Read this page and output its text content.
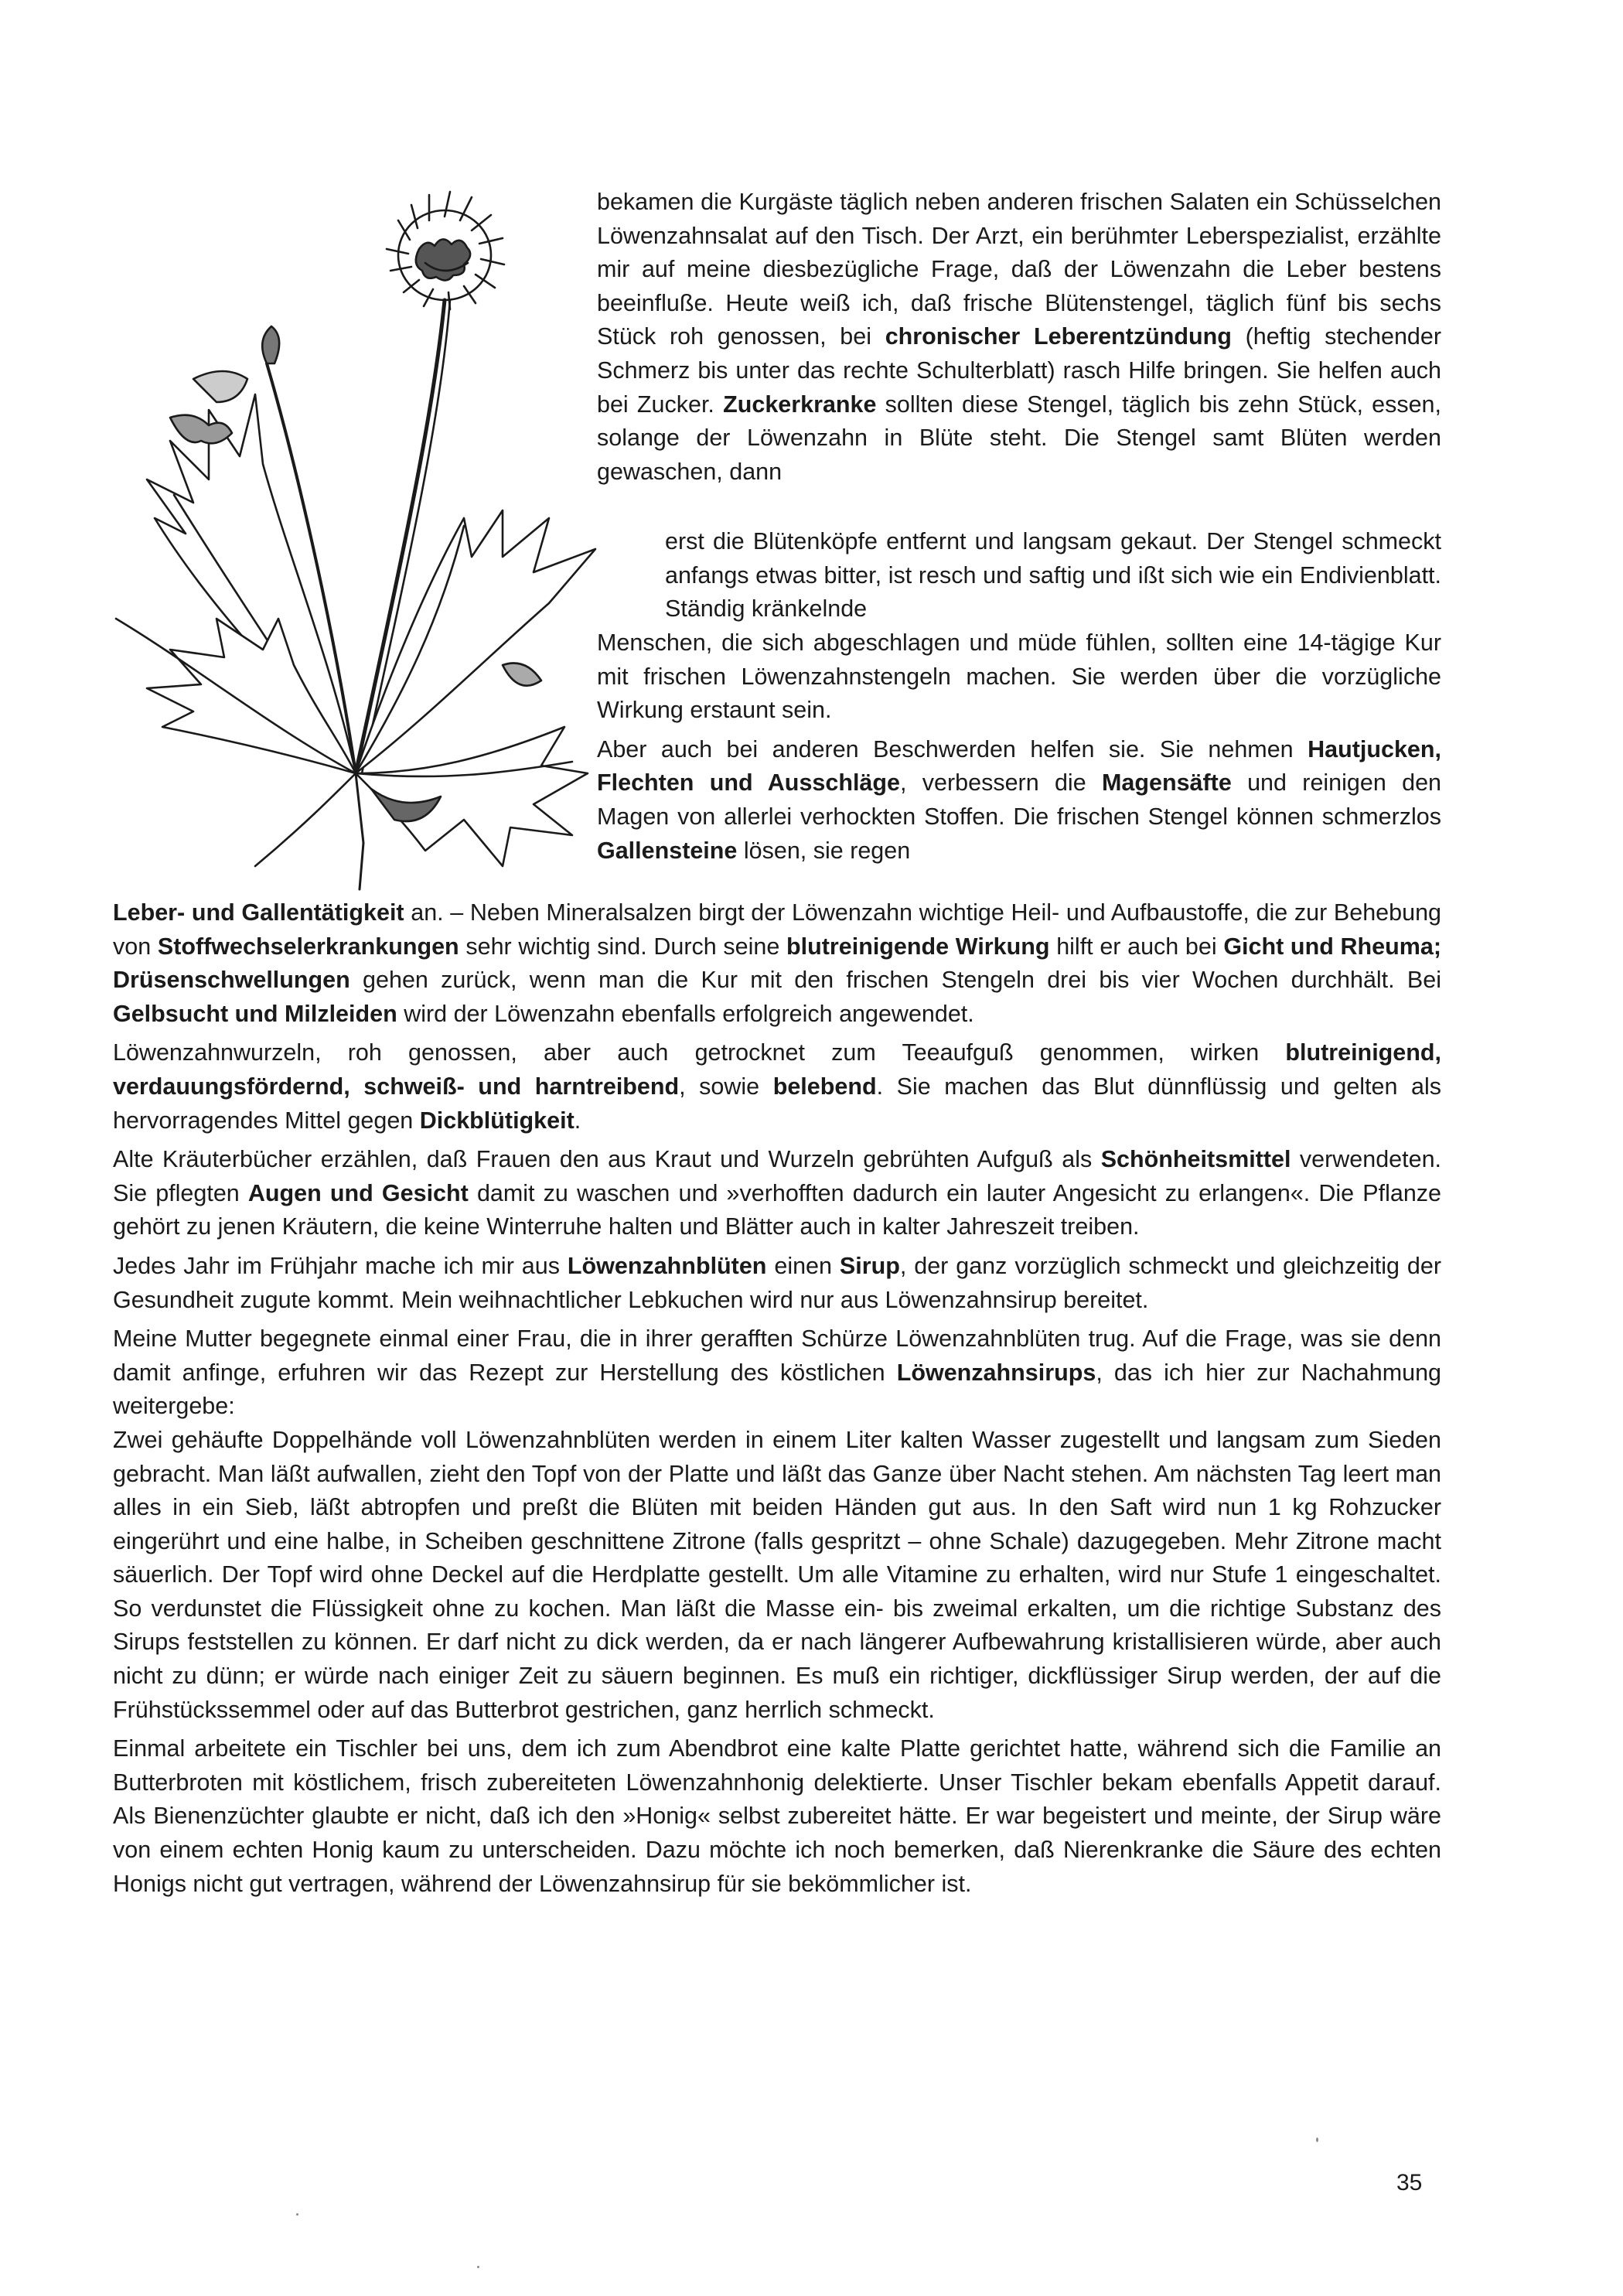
bekamen die Kurgäste täglich neben anderen frischen Salaten ein Schüsselchen Löwenzahnsalat auf den Tisch. Der Arzt, ein berühmter Leberspezialist, erzählte mir auf meine diesbezügliche Frage, daß der Löwenzahn die Leber bestens beeinfluße. Heute weiß ich, daß frische Blütenstengel, täglich fünf bis sechs Stück roh genossen, bei chronischer Leberentzündung (heftig stechender Schmerz bis unter das rechte Schulterblatt) rasch Hilfe bringen. Sie helfen auch bei Zucker. Zuckerkranke sollten diese Stengel, täglich bis zehn Stück, essen, solange der Löwenzahn in Blüte steht. Die Stengel samt Blüten werden gewaschen, dann

erst die Blütenköpfe entfernt und langsam gekaut. Der Stengel schmeckt anfangs etwas bitter, ist resch und saftig und ißt sich wie ein Endivienblatt. Ständig kränkelnde

Menschen, die sich abgeschlagen und müde fühlen, sollten eine 14-tägige Kur mit frischen Löwenzahnstengeln machen. Sie werden über die vorzügliche Wirkung erstaunt sein.

Aber auch bei anderen Beschwerden helfen sie. Sie nehmen Hautjucken, Flechten und Ausschläge, verbessern die Magensäfte und reinigen den Magen von allerlei verhockten Stoffen. Die frischen Stengel können schmerzlos Gallensteine lösen, sie regen

Leber- und Gallentätigkeit an. – Neben Mineralsalzen birgt der Löwenzahn wichtige Heil- und Aufbaustoffe, die zur Behebung von Stoffwechselerkrankungen sehr wichtig sind. Durch seine blutreinigende Wirkung hilft er auch bei Gicht und Rheuma; Drüsenschwellungen gehen zurück, wenn man die Kur mit den frischen Stengeln drei bis vier Wochen durchhält. Bei Gelbsucht und Milzleiden wird der Löwenzahn ebenfalls erfolgreich angewendet.

Löwenzahnwurzeln, roh genossen, aber auch getrocknet zum Teeaufguß genommen, wirken blutreinigend, verdauungsfördernd, schweiß- und harntreibend, sowie belebend. Sie machen das Blut dünnflüssig und gelten als hervorragendes Mittel gegen Dickblütigkeit.

Alte Kräuterbücher erzählen, daß Frauen den aus Kraut und Wurzeln gebrühten Aufguß als Schönheitsmittel verwendeten. Sie pflegten Augen und Gesicht damit zu waschen und »verhofften dadurch ein lauter Angesicht zu erlangen«. Die Pflanze gehört zu jenen Kräutern, die keine Winterruhe halten und Blätter auch in kalter Jahreszeit treiben.

Jedes Jahr im Frühjahr mache ich mir aus Löwenzahnblüten einen Sirup, der ganz vorzüglich schmeckt und gleichzeitig der Gesundheit zugute kommt. Mein weihnachtlicher Lebkuchen wird nur aus Löwenzahnsirup bereitet.

Meine Mutter begegnete einmal einer Frau, die in ihrer gerafften Schürze Löwenzahnblüten trug. Auf die Frage, was sie denn damit anfinge, erfuhren wir das Rezept zur Herstellung des köstlichen Löwenzahnsirups, das ich hier zur Nachahmung weitergebe:

Zwei gehäufte Doppelhände voll Löwenzahnblüten werden in einem Liter kalten Wasser zugestellt und langsam zum Sieden gebracht. Man läßt aufwallen, zieht den Topf von der Platte und läßt das Ganze über Nacht stehen. Am nächsten Tag leert man alles in ein Sieb, läßt abtropfen und preßt die Blüten mit beiden Händen gut aus. In den Saft wird nun 1 kg Rohzucker eingerührt und eine halbe, in Scheiben geschnittene Zitrone (falls gespritzt – ohne Schale) dazugegeben. Mehr Zitrone macht säuerlich. Der Topf wird ohne Deckel auf die Herdplatte gestellt. Um alle Vitamine zu erhalten, wird nur Stufe 1 eingeschaltet. So verdunstet die Flüssigkeit ohne zu kochen. Man läßt die Masse ein- bis zweimal erkalten, um die richtige Substanz des Sirups feststellen zu können. Er darf nicht zu dick werden, da er nach längerer Aufbewahrung kristallisieren würde, aber auch nicht zu dünn; er würde nach einiger Zeit zu säuern beginnen. Es muß ein richtiger, dickflüssiger Sirup werden, der auf die Frühstückssemmel oder auf das Butterbrot gestrichen, ganz herrlich schmeckt.

Einmal arbeitete ein Tischler bei uns, dem ich zum Abendbrot eine kalte Platte gerichtet hatte, während sich die Familie an Butterbroten mit köstlichem, frisch zubereiteten Löwenzahnhonig delektierte. Unser Tischler bekam ebenfalls Appetit darauf. Als Bienenzüchter glaubte er nicht, daß ich den »Honig« selbst zubereitet hätte. Er war begeistert und meinte, der Sirup wäre von einem echten Honig kaum zu unterscheiden. Dazu möchte ich noch bemerken, daß Nierenkranke die Säure des echten Honigs nicht gut vertragen, während der Löwenzahnsirup für sie bekömmlicher ist.

35
